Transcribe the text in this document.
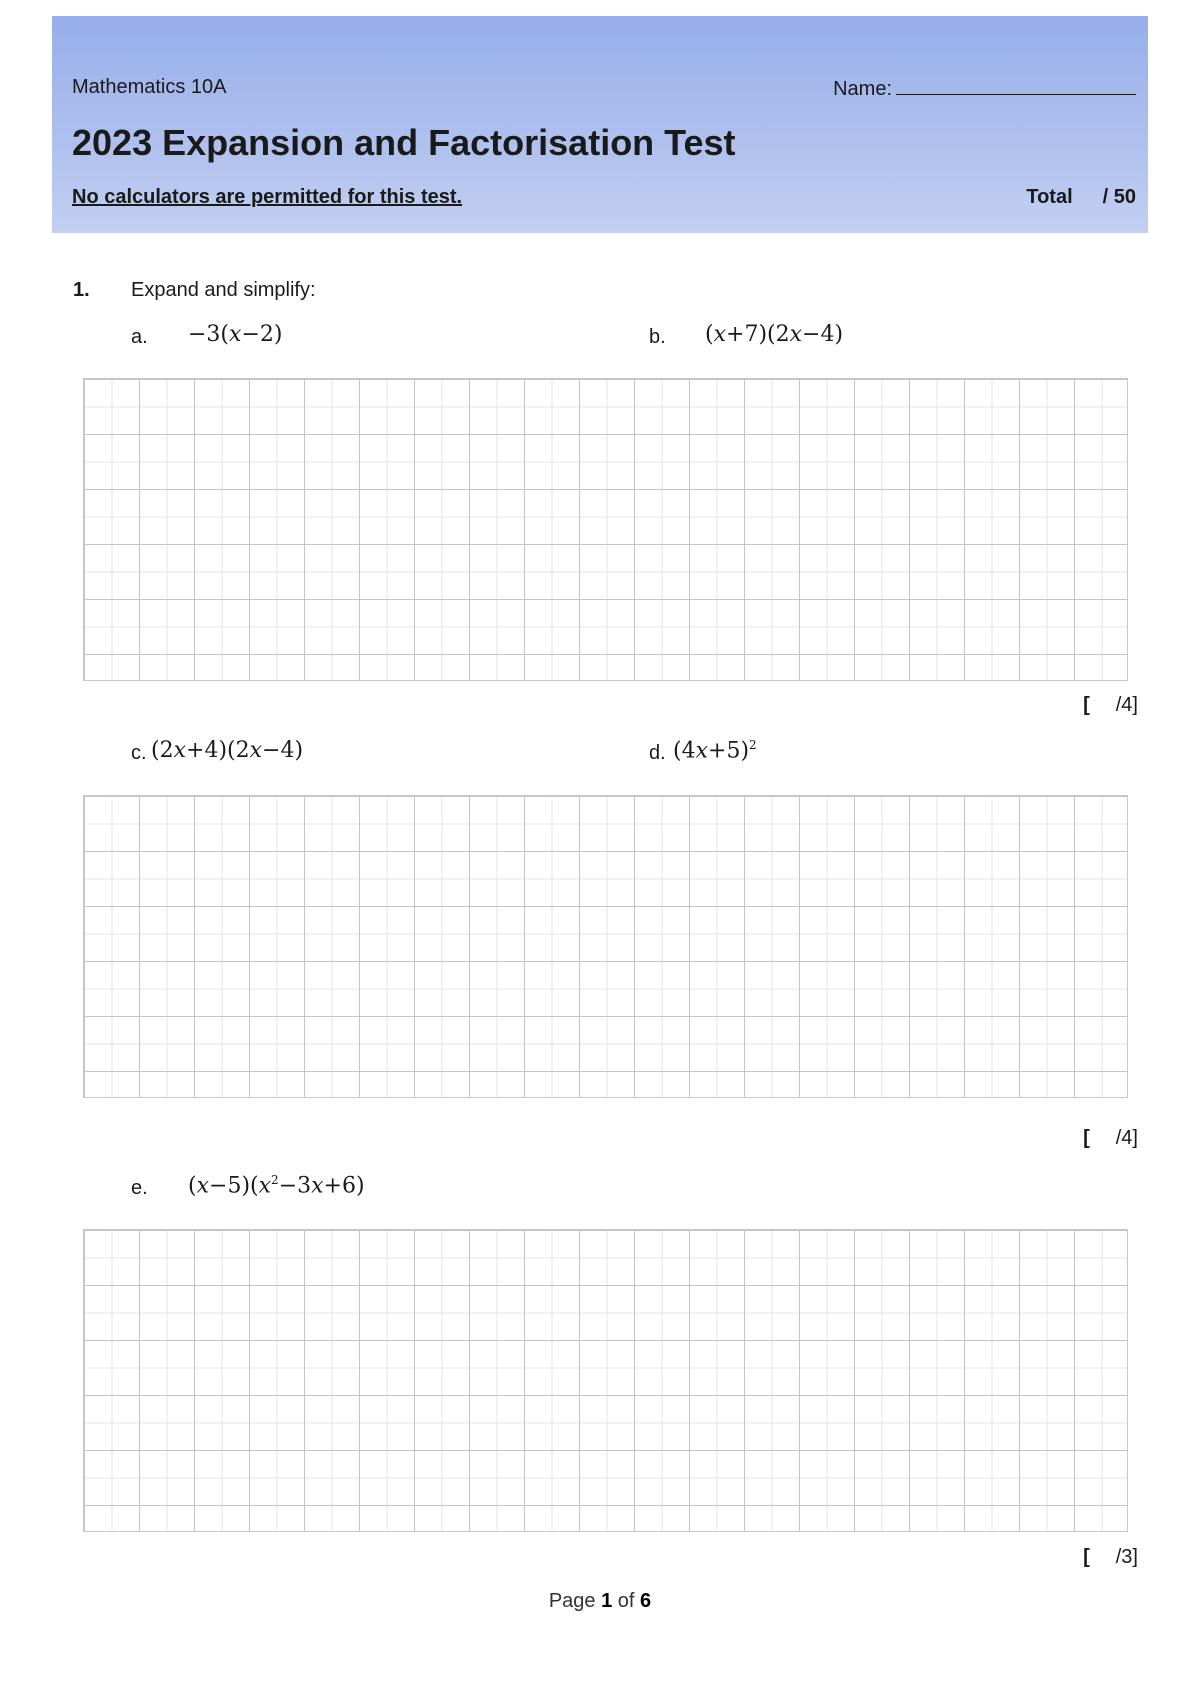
Mathematics 10A	Name:
2023 Expansion and Factorisation Test
No calculators are permitted for this test.	Total / 50
1. Expand and simplify:
a. −3(x−2)	b. (x+7)(2x−4)
[ /4]
c. (2x+4)(2x−4)	d. $(4x+5)^2$
[ /4]
e. $(x-5)(x^2-3x+6)$
[ /3]
Page 1 of 6
